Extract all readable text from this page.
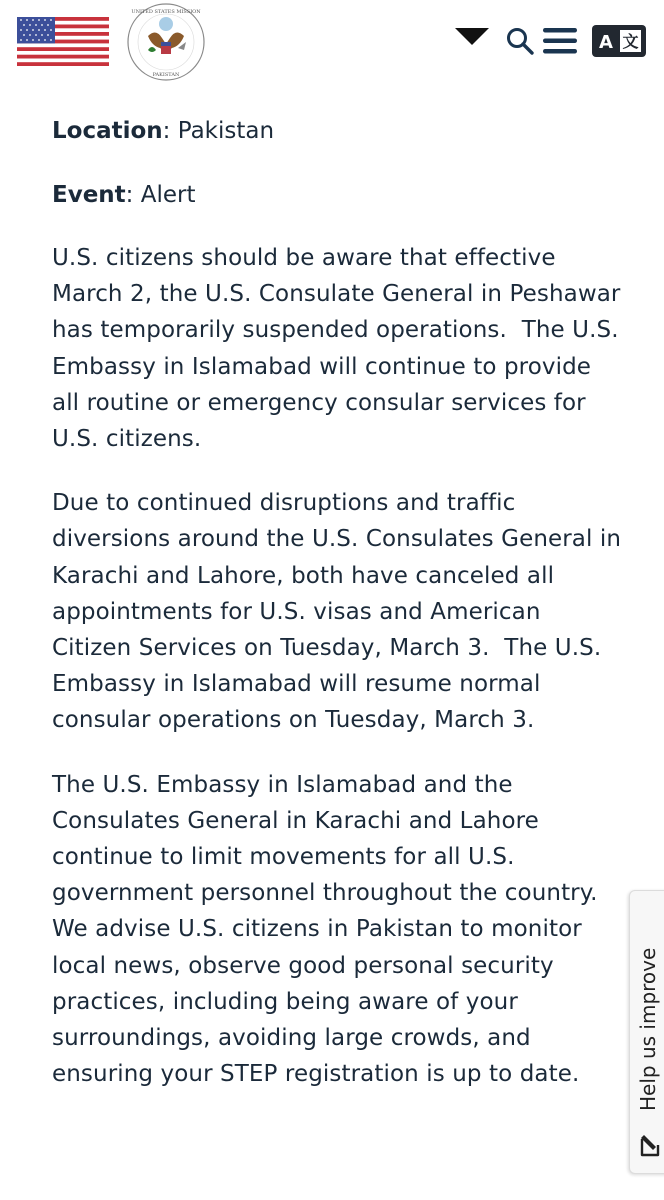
UNITED STATES MISSION
PAKISTAN
A 文

Location: Pakistan

Event: Alert

U.S. citizens should be aware that effective March 2, the U.S. Consulate General in Peshawar has temporarily suspended operations.  The U.S. Embassy in Islamabad will continue to provide all routine or emergency consular services for U.S. citizens.

Due to continued disruptions and traffic diversions around the U.S. Consulates General in Karachi and Lahore, both have canceled all appointments for U.S. visas and American Citizen Services on Tuesday, March 3.  The U.S. Embassy in Islamabad will resume normal consular operations on Tuesday, March 3.

The U.S. Embassy in Islamabad and the Consulates General in Karachi and Lahore continue to limit movements for all U.S. government personnel throughout the country.  We advise U.S. citizens in Pakistan to monitor local news, observe good personal security practices, including being aware of your surroundings, avoiding large crowds, and ensuring your STEP registration is up to date.	Help us improve
